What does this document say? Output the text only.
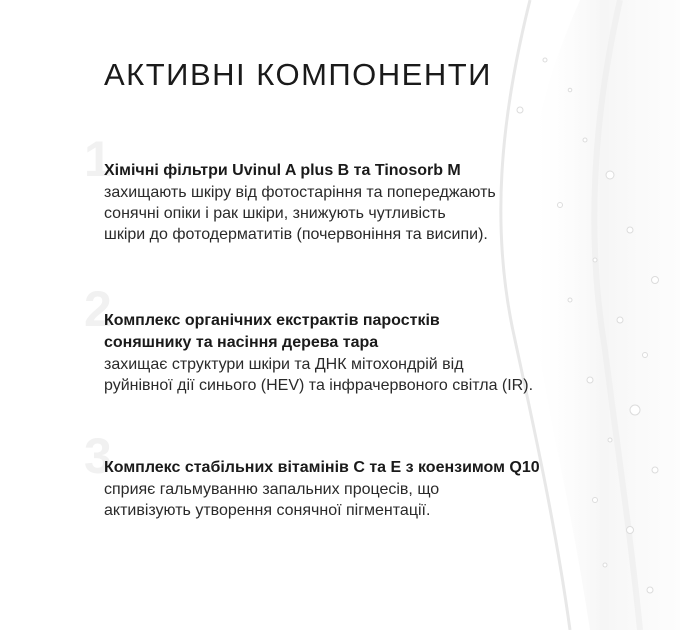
АКТИВНІ КОМПОНЕНТИ
1
Хімічні фільтри Uvinul A plus B та Tinosorb M
захищають шкіру від фотостаріння та попереджають
сонячні опіки і рак шкіри, знижують чутливість
шкіри до фотодерматитів (почервоніння та висипи).
2
Комплекс органічних екстрактів паростків
соняшнику та насіння дерева тара
захищає структури шкіри та ДНК мітохондрій від
руйнівної дії синього (HEV) та інфрачервоного світла (IR).
3
Комплекс стабільних вітамінів С та Е з коензимом Q10
сприяє гальмуванню запальних процесів, що
активізують утворення сонячної пігментації.
